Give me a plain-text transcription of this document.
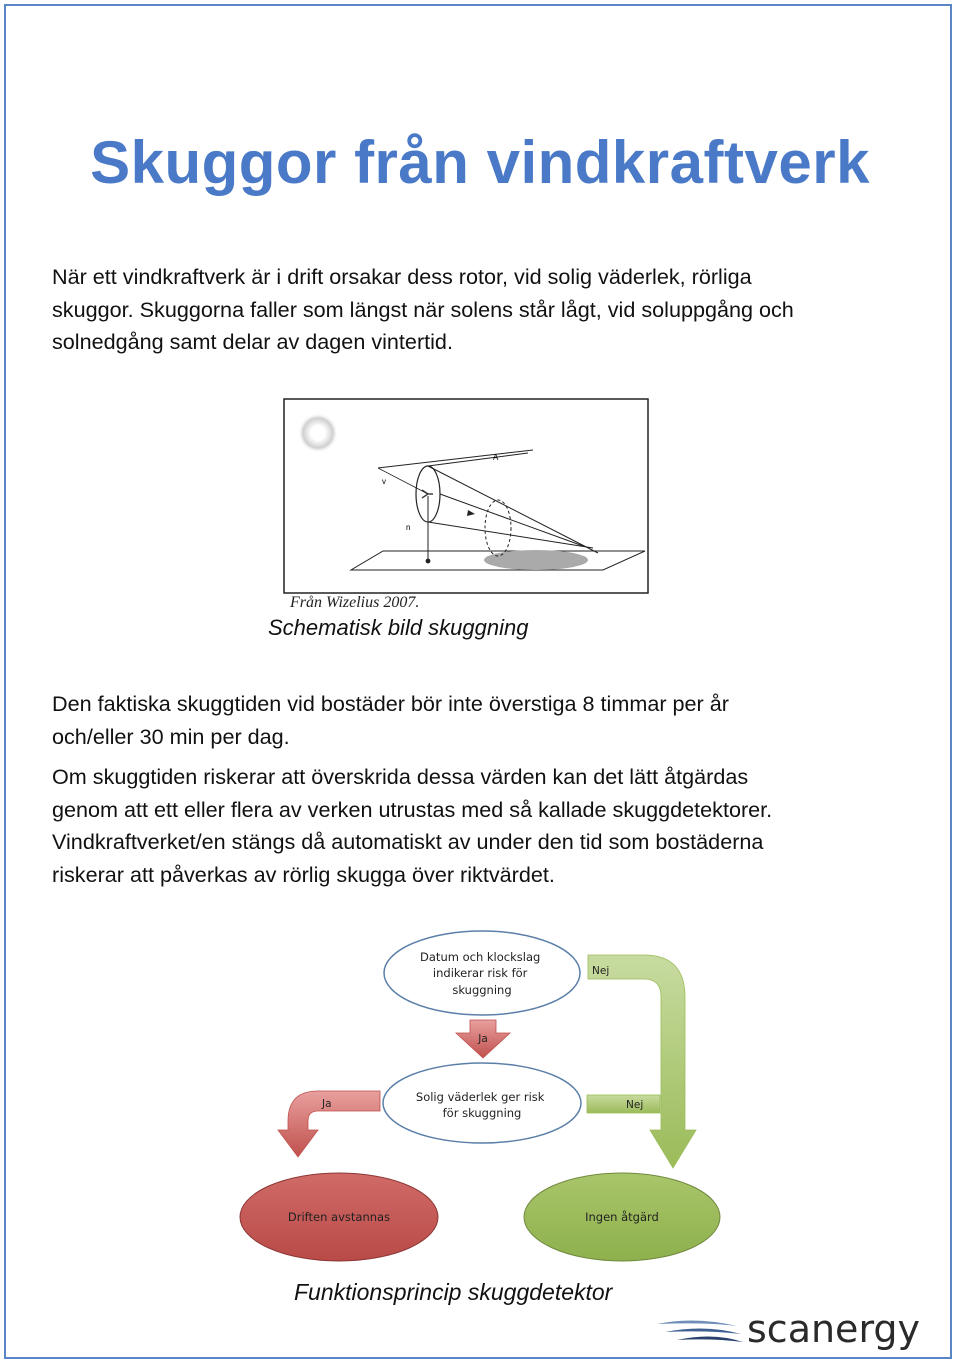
Skuggor från vindkraftverk

När ett vindkraftverk är i drift orsakar dess rotor, vid solig väderlek, rörliga
skuggor. Skuggorna faller som längst när solens står lågt, vid soluppgång och
solnedgång samt delar av dagen vintertid.

A
v
n
Från Wizelius 2007.

Schematisk bild skuggning

Den faktiska skuggtiden vid bostäder bör inte överstiga 8 timmar per år
och/eller 30 min per dag.

Om skuggtiden riskerar att överskrida dessa värden kan det lätt åtgärdas
genom att ett eller flera av verken utrustas med så kallade skuggdetektorer.
Vindkraftverket/en stängs då automatiskt av under den tid som bostäderna
riskerar att påverkas av rörlig skugga över riktvärdet.

Datum och klockslag indikerar risk för skuggning
Ja
Nej
Solig väderlek ger risk för skuggning
Ja	Nej
Driften avstannas	Ingen åtgärd

Funktionsprincip skuggdetektor

scanergy
